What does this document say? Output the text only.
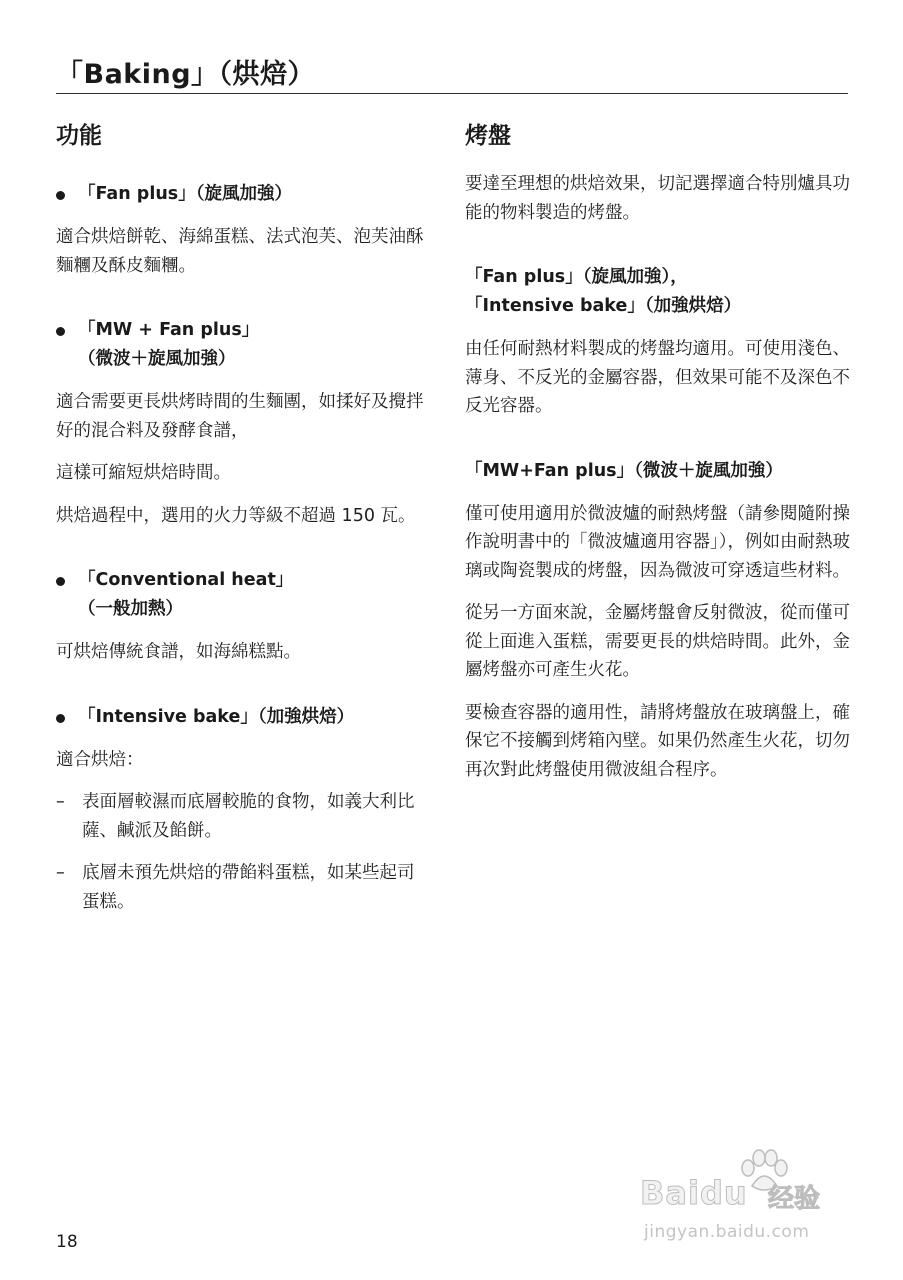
「Baking」（烘焙）
功能
「Fan plus」（旋風加強）

適合烘焙餅乾、海綿蛋糕、法式泡芙、泡芙油酥麵糰及酥皮麵糰。

「MW + Fan plus」
（微波＋旋風加強）

適合需要更長烘烤時間的生麵團，如揉好及攪拌好的混合料及發酵食譜，

這樣可縮短烘焙時間。

烘焙過程中，選用的火力等級不超過 150 瓦。

「Conventional heat」
（一般加熱）

可烘焙傳統食譜，如海綿糕點。

「Intensive bake」（加強烘焙）

適合烘焙：

– 表面層較濕而底層較脆的食物，如義大利比薩、鹹派及餡餅。

– 底層未預先烘焙的帶餡料蛋糕，如某些起司蛋糕。

烤盤

要達至理想的烘焙效果，切記選擇適合特別爐具功能的物料製造的烤盤。

「Fan plus」（旋風加強），
「Intensive bake」（加強烘焙）

由任何耐熱材料製成的烤盤均適用。可使用淺色、薄身、不反光的金屬容器，但效果可能不及深色不反光容器。

「MW+Fan plus」（微波＋旋風加強）

僅可使用適用於微波爐的耐熱烤盤（請參閱隨附操作說明書中的「微波爐適用容器」），例如由耐熱玻璃或陶瓷製成的烤盤，因為微波可穿透這些材料。

從另一方面來說，金屬烤盤會反射微波，從而僅可從上面進入蛋糕，需要更長的烘焙時間。此外，金屬烤盤亦可產生火花。

要檢查容器的適用性，請將烤盤放在玻璃盤上，確保它不接觸到烤箱內壁。如果仍然產生火花，切勿再次對此烤盤使用微波組合程序。

18

Baidu 经验
jingyan.baidu.com
